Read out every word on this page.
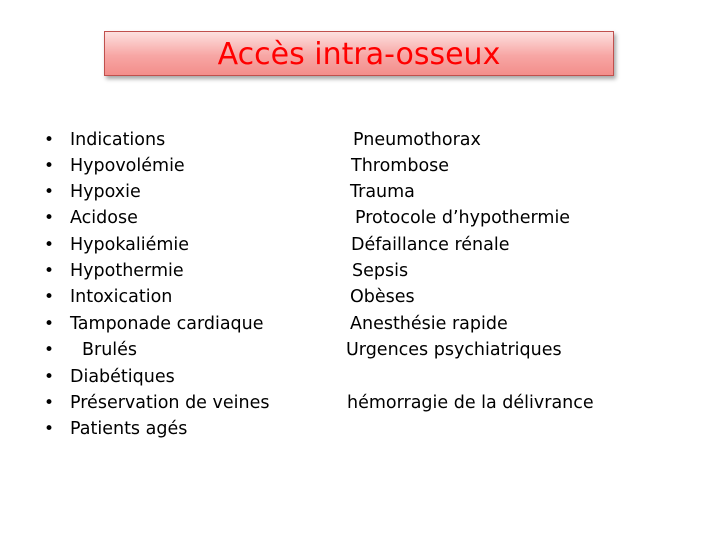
Accès intra-osseux
• Indications	Pneumothorax
• Hypovolémie	Thrombose
• Hypoxie	Trauma
• Acidose	Protocole d’hypothermie
• Hypokaliémie	Défaillance rénale
• Hypothermie	Sepsis
• Intoxication	Obèses
• Tamponade cardiaque	Anesthésie rapide
• Brulés	Urgences psychiatriques
• Diabétiques
• Préservation de veines	hémorragie de la délivrance
• Patients agés
